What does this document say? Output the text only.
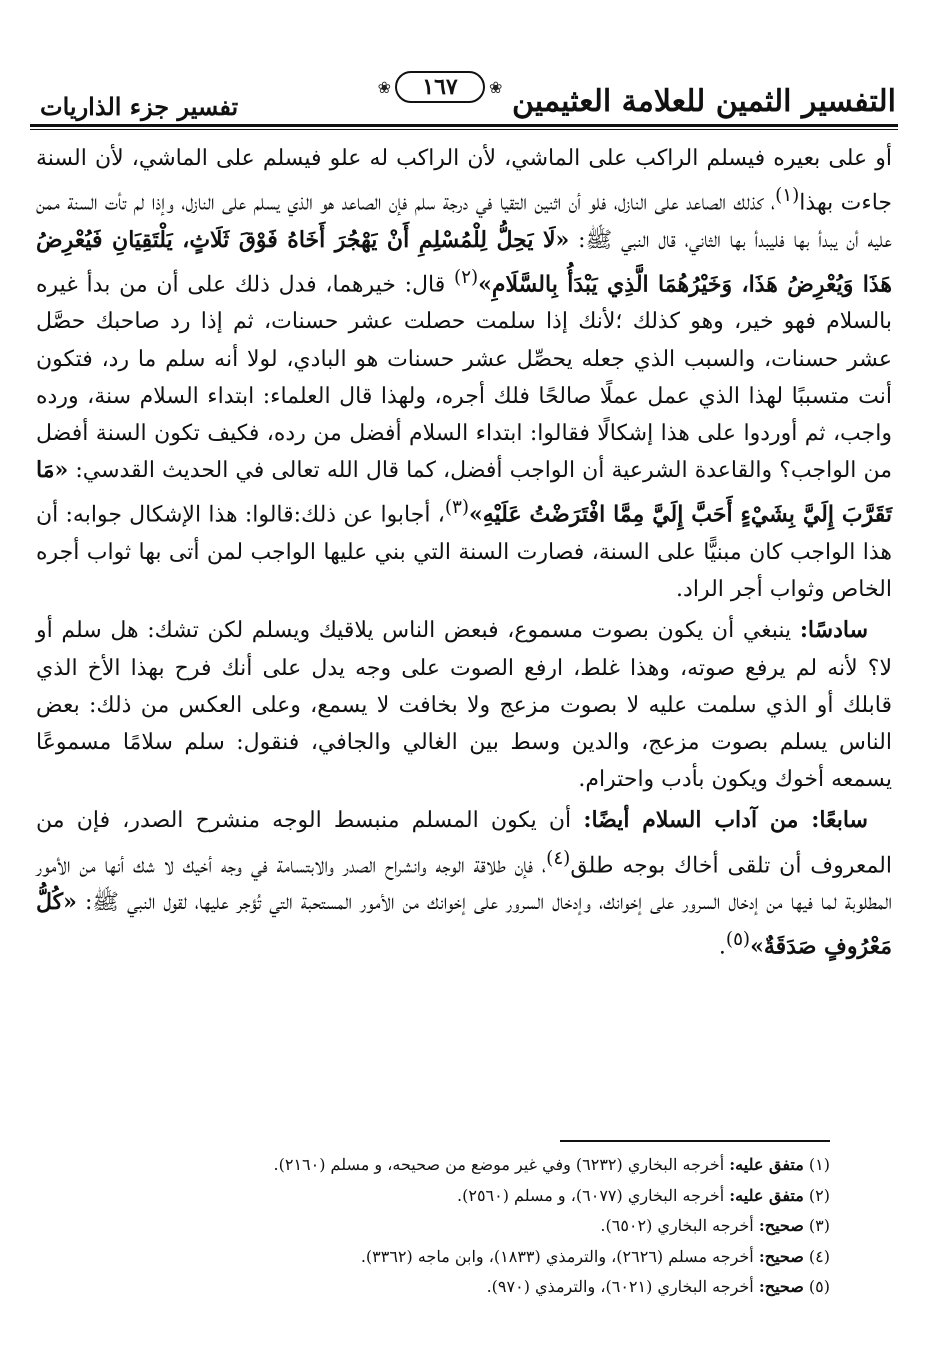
التفسير الثمين للعلامة العثيمين
تفسير جزء الذاريات
❀	١٦٧	❀

أو على بعيره فيسلم الراكب على الماشي، لأن الراكب له علو فيسلم على الماشي، لأن السنة جاءت بهذا$^{(١)}$، كذلك الصاعد على النازل، فلو أن اثنين التقيا في درجة سلم فإن الصاعد هو الذي يسلم على النازل، وإذا لم تأت السنة ممن عليه أن يبدأ بها فليبدأ بها الثاني، قال النبي ﷺ: «لَا يَحِلُّ لِلْمُسْلِمِ أَنْ يَهْجُرَ أَخَاهُ فَوْقَ ثَلَاثٍ، يَلْتَقِيَانِ فَيُعْرِضُ هَذَا وَيُعْرِضُ هَذَا، وَخَيْرُهُمَا الَّذِي يَبْدَأُ بِالسَّلَامِ»$^{(٢)}$ قال: خيرهما، فدل ذلك على أن من بدأ غيره بالسلام فهو خير، وهو كذلك ؛لأنك إذا سلمت حصلت عشر حسنات، ثم إذا رد صاحبك حصَّل عشر حسنات، والسبب الذي جعله يحصِّل عشر حسنات هو البادي، لولا أنه سلم ما رد، فتكون أنت متسببًا لهذا الذي عمل عملًا صالحًا فلك أجره، ولهذا قال العلماء: ابتداء السلام سنة، ورده واجب، ثم أوردوا على هذا إشكالًا فقالوا: ابتداء السلام أفضل من رده، فكيف تكون السنة أفضل من الواجب؟ والقاعدة الشرعية أن الواجب أفضل، كما قال الله تعالى في الحديث القدسي: «مَا تَقَرَّبَ إِلَيَّ بِشَيْءٍ أَحَبَّ إِلَيَّ مِمَّا افْتَرَضْتُ عَلَيْهِ»$^{(٣)}$، أجابوا عن ذلك:قالوا: هذا الإشكال جوابه: أن هذا الواجب كان مبنيًّا على السنة، فصارت السنة التي بني عليها الواجب لمن أتى بها ثواب أجره الخاص وثواب أجر الراد.

سادسًا: ينبغي أن يكون بصوت مسموع، فبعض الناس يلاقيك ويسلم لكن تشك: هل سلم أو لا؟ لأنه لم يرفع صوته، وهذا غلط، ارفع الصوت على وجه يدل على أنك فرح بهذا الأخ الذي قابلك أو الذي سلمت عليه لا بصوت مزعج ولا بخافت لا يسمع، وعلى العكس من ذلك: بعض الناس يسلم بصوت مزعج، والدين وسط بين الغالي والجافي، فنقول: سلم سلامًا مسموعًا يسمعه أخوك ويكون بأدب واحترام.

سابعًا: من آداب السلام أيضًا: أن يكون المسلم منبسط الوجه منشرح الصدر، فإن من المعروف أن تلقى أخاك بوجه طلق$^{(٤)}$، فإن طلاقة الوجه وانشراح الصدر والابتسامة في وجه أخيك لا شك أنها من الأمور المطلوبة لما فيها من إدخال السرور على إخوانك، وإدخال السرور على إخوانك من الأمور المستحبة التي تُؤجر عليها، لقول النبي ﷺ: «كُلُّ مَعْرُوفٍ صَدَقَةٌ»$^{(٥)}$.

(١) متفق عليه: أخرجه البخاري (٦٢٣٢) وفي غير موضع من صحيحه، و مسلم (٢١٦٠).

(٢) متفق عليه: أخرجه البخاري (٦٠٧٧)، و مسلم (٢٥٦٠).

(٣) صحيح: أخرجه البخاري (٦٥٠٢).

(٤) صحيح: أخرجه مسلم (٢٦٢٦)، والترمذي (١٨٣٣)، وابن ماجه (٣٣٦٢).

(٥) صحيح: أخرجه البخاري (٦٠٢١)، والترمذي (٩٧٠).
